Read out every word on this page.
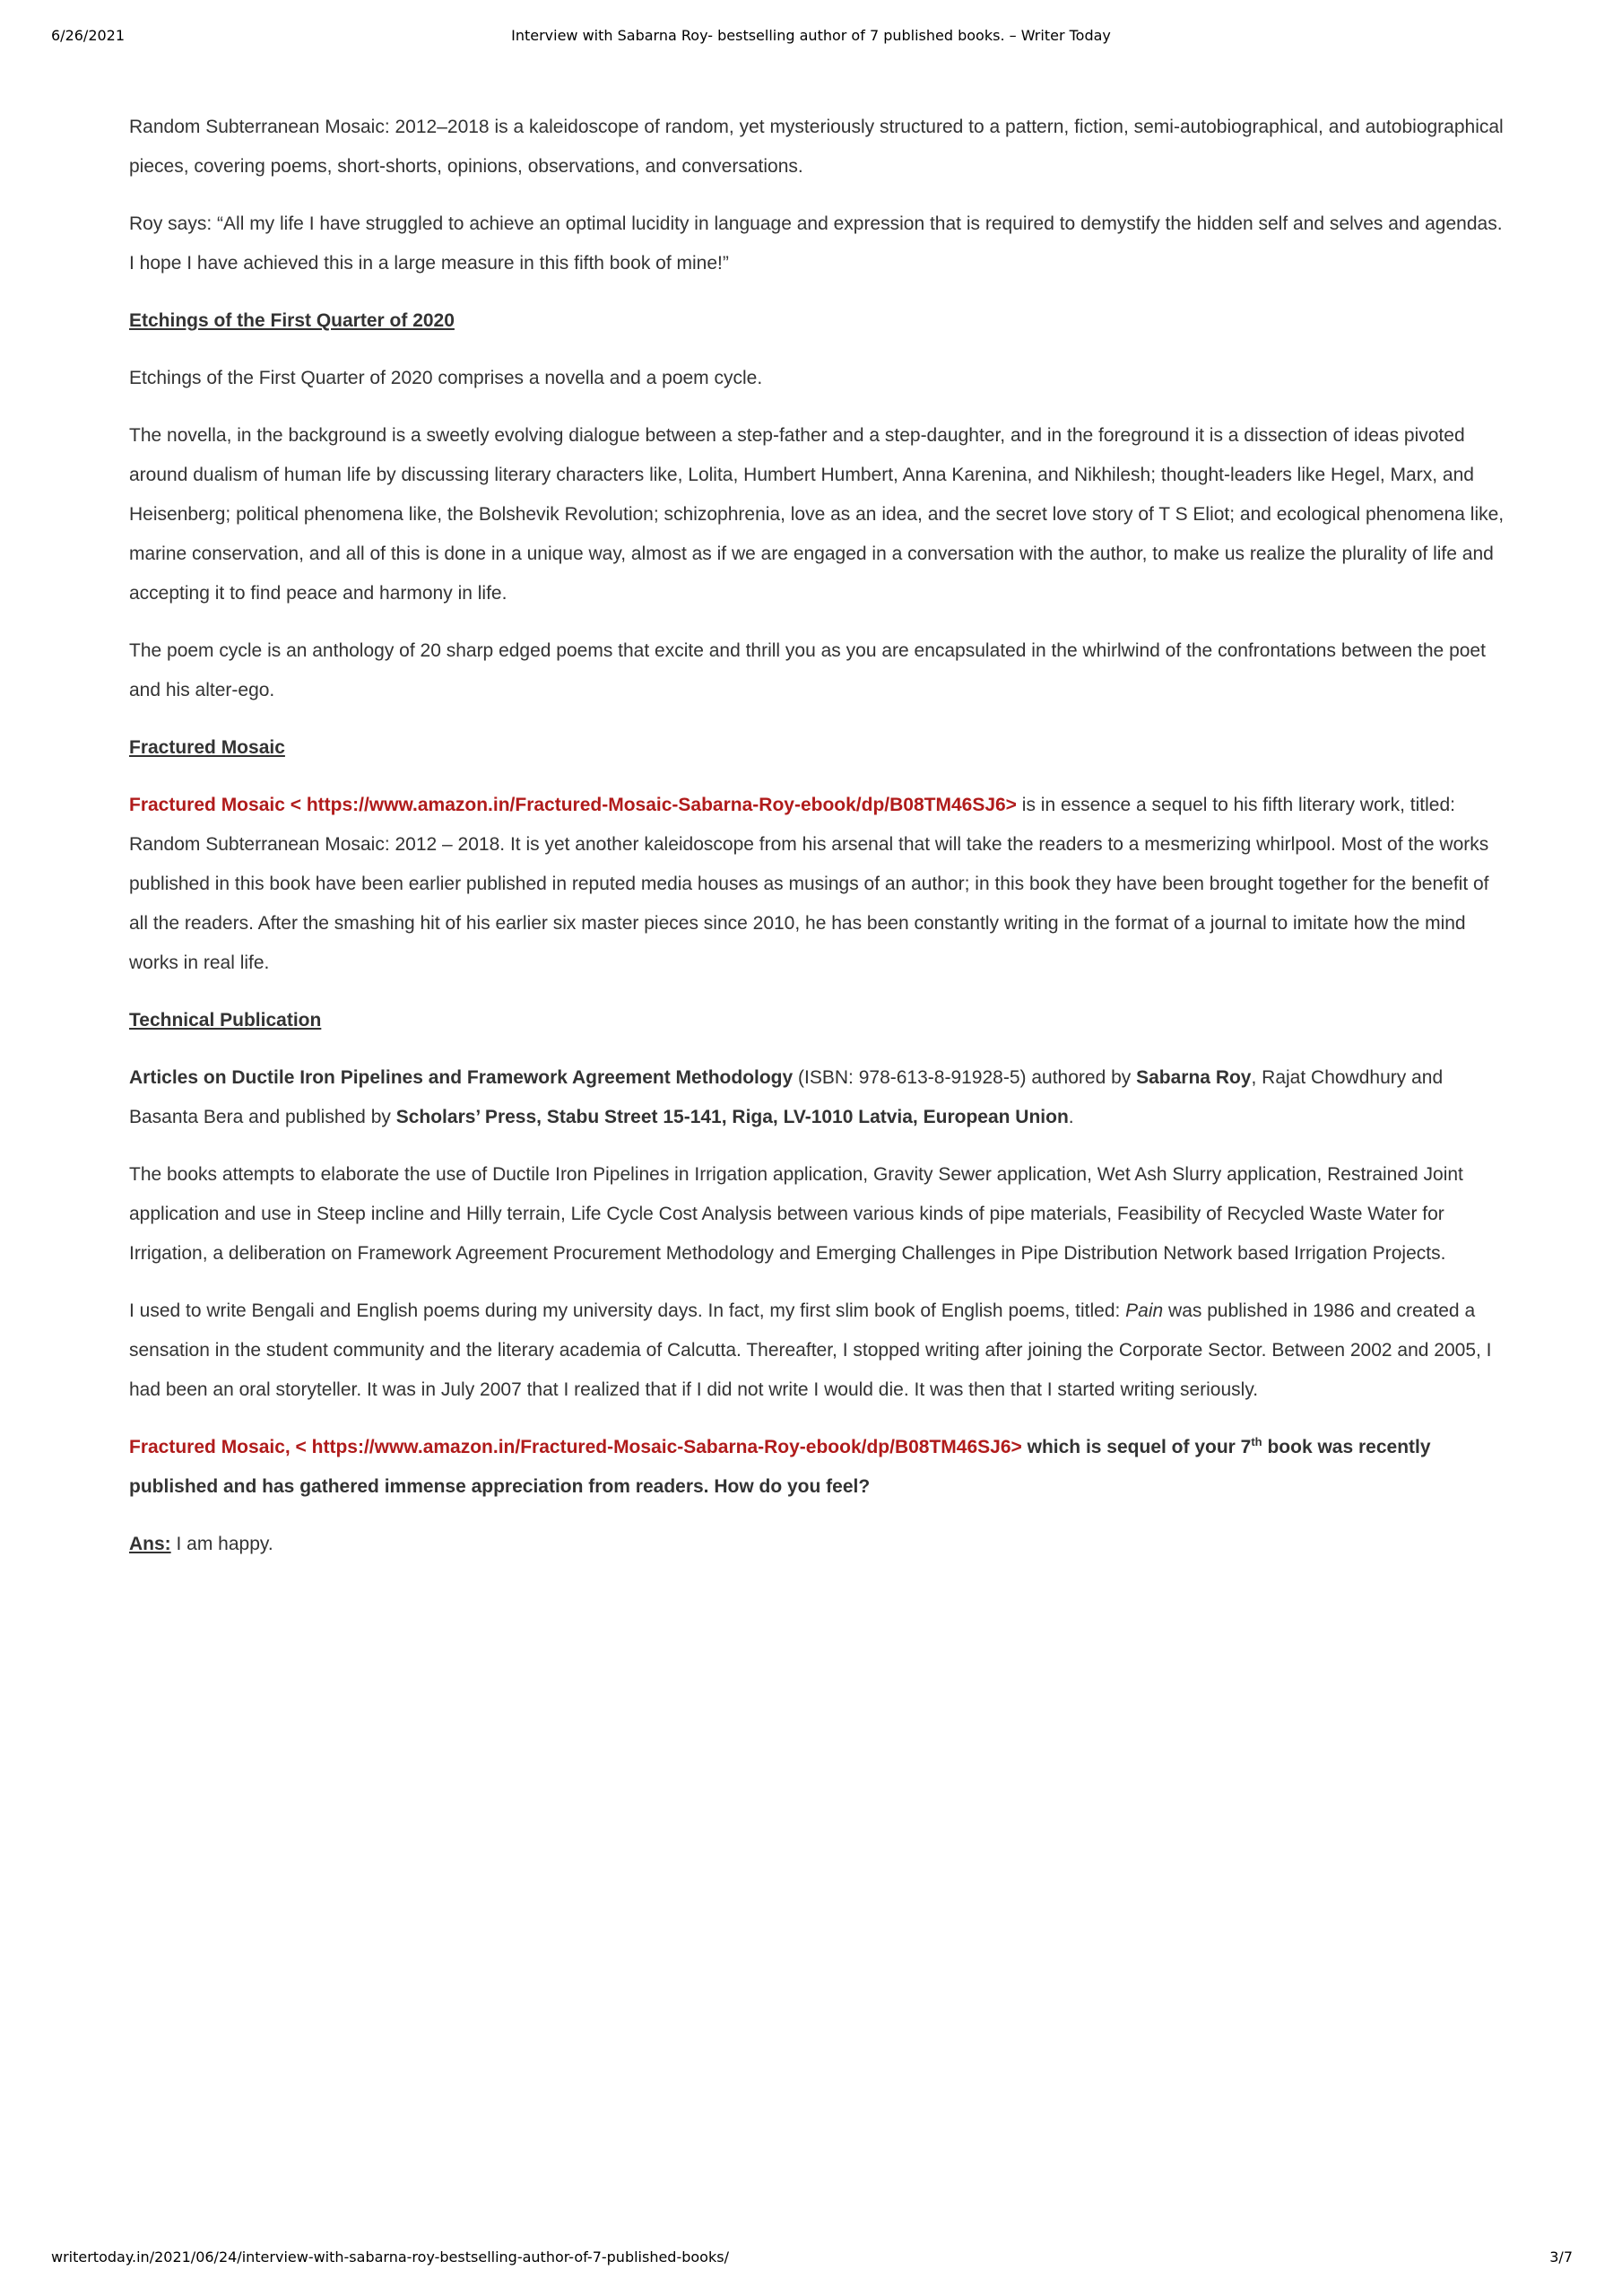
6/26/2021	Interview with Sabarna Roy- bestselling author of 7 published books. – Writer Today

Random Subterranean Mosaic: 2012–2018 is a kaleidoscope of random, yet mysteriously structured to a pattern, fiction, semi-autobiographical, and autobiographical pieces, covering poems, short-shorts, opinions, observations, and conversations.

Roy says: “All my life I have struggled to achieve an optimal lucidity in language and expression that is required to demystify the hidden self and selves and agendas. I hope I have achieved this in a large measure in this fifth book of mine!”

Etchings of the First Quarter of 2020

Etchings of the First Quarter of 2020 comprises a novella and a poem cycle.

The novella, in the background is a sweetly evolving dialogue between a step-father and a step-daughter, and in the foreground it is a dissection of ideas pivoted around dualism of human life by discussing literary characters like, Lolita, Humbert Humbert, Anna Karenina, and Nikhilesh; thought-leaders like Hegel, Marx, and Heisenberg; political phenomena like, the Bolshevik Revolution; schizophrenia, love as an idea, and the secret love story of T S Eliot; and ecological phenomena like, marine conservation, and all of this is done in a unique way, almost as if we are engaged in a conversation with the author, to make us realize the plurality of life and accepting it to find peace and harmony in life.

The poem cycle is an anthology of 20 sharp edged poems that excite and thrill you as you are encapsulated in the whirlwind of the confrontations between the poet and his alter-ego.

Fractured Mosaic

Fractured Mosaic < https://www.amazon.in/Fractured-Mosaic-Sabarna-Roy-ebook/dp/B08TM46SJ6> is in essence a sequel to his fifth literary work, titled: Random Subterranean Mosaic: 2012 – 2018. It is yet another kaleidoscope from his arsenal that will take the readers to a mesmerizing whirlpool. Most of the works published in this book have been earlier published in reputed media houses as musings of an author; in this book they have been brought together for the benefit of all the readers. After the smashing hit of his earlier six master pieces since 2010, he has been constantly writing in the format of a journal to imitate how the mind works in real life.

Technical Publication

Articles on Ductile Iron Pipelines and Framework Agreement Methodology (ISBN: 978-613-8-91928-5) authored by Sabarna Roy, Rajat Chowdhury and Basanta Bera and published by Scholars’ Press, Stabu Street 15-141, Riga, LV-1010 Latvia, European Union.

The books attempts to elaborate the use of Ductile Iron Pipelines in Irrigation application, Gravity Sewer application, Wet Ash Slurry application, Restrained Joint application and use in Steep incline and Hilly terrain, Life Cycle Cost Analysis between various kinds of pipe materials, Feasibility of Recycled Waste Water for Irrigation, a deliberation on Framework Agreement Procurement Methodology and Emerging Challenges in Pipe Distribution Network based Irrigation Projects.

I used to write Bengali and English poems during my university days. In fact, my first slim book of English poems, titled: Pain was published in 1986 and created a sensation in the student community and the literary academia of Calcutta. Thereafter, I stopped writing after joining the Corporate Sector. Between 2002 and 2005, I had been an oral storyteller. It was in July 2007 that I realized that if I did not write I would die. It was then that I started writing seriously.

Fractured Mosaic, < https://www.amazon.in/Fractured-Mosaic-Sabarna-Roy-ebook/dp/B08TM46SJ6> which is sequel of your 7th book was recently published and has gathered immense appreciation from readers. How do you feel?

Ans: I am happy.

writertoday.in/2021/06/24/interview-with-sabarna-roy-bestselling-author-of-7-published-books/	3/7
